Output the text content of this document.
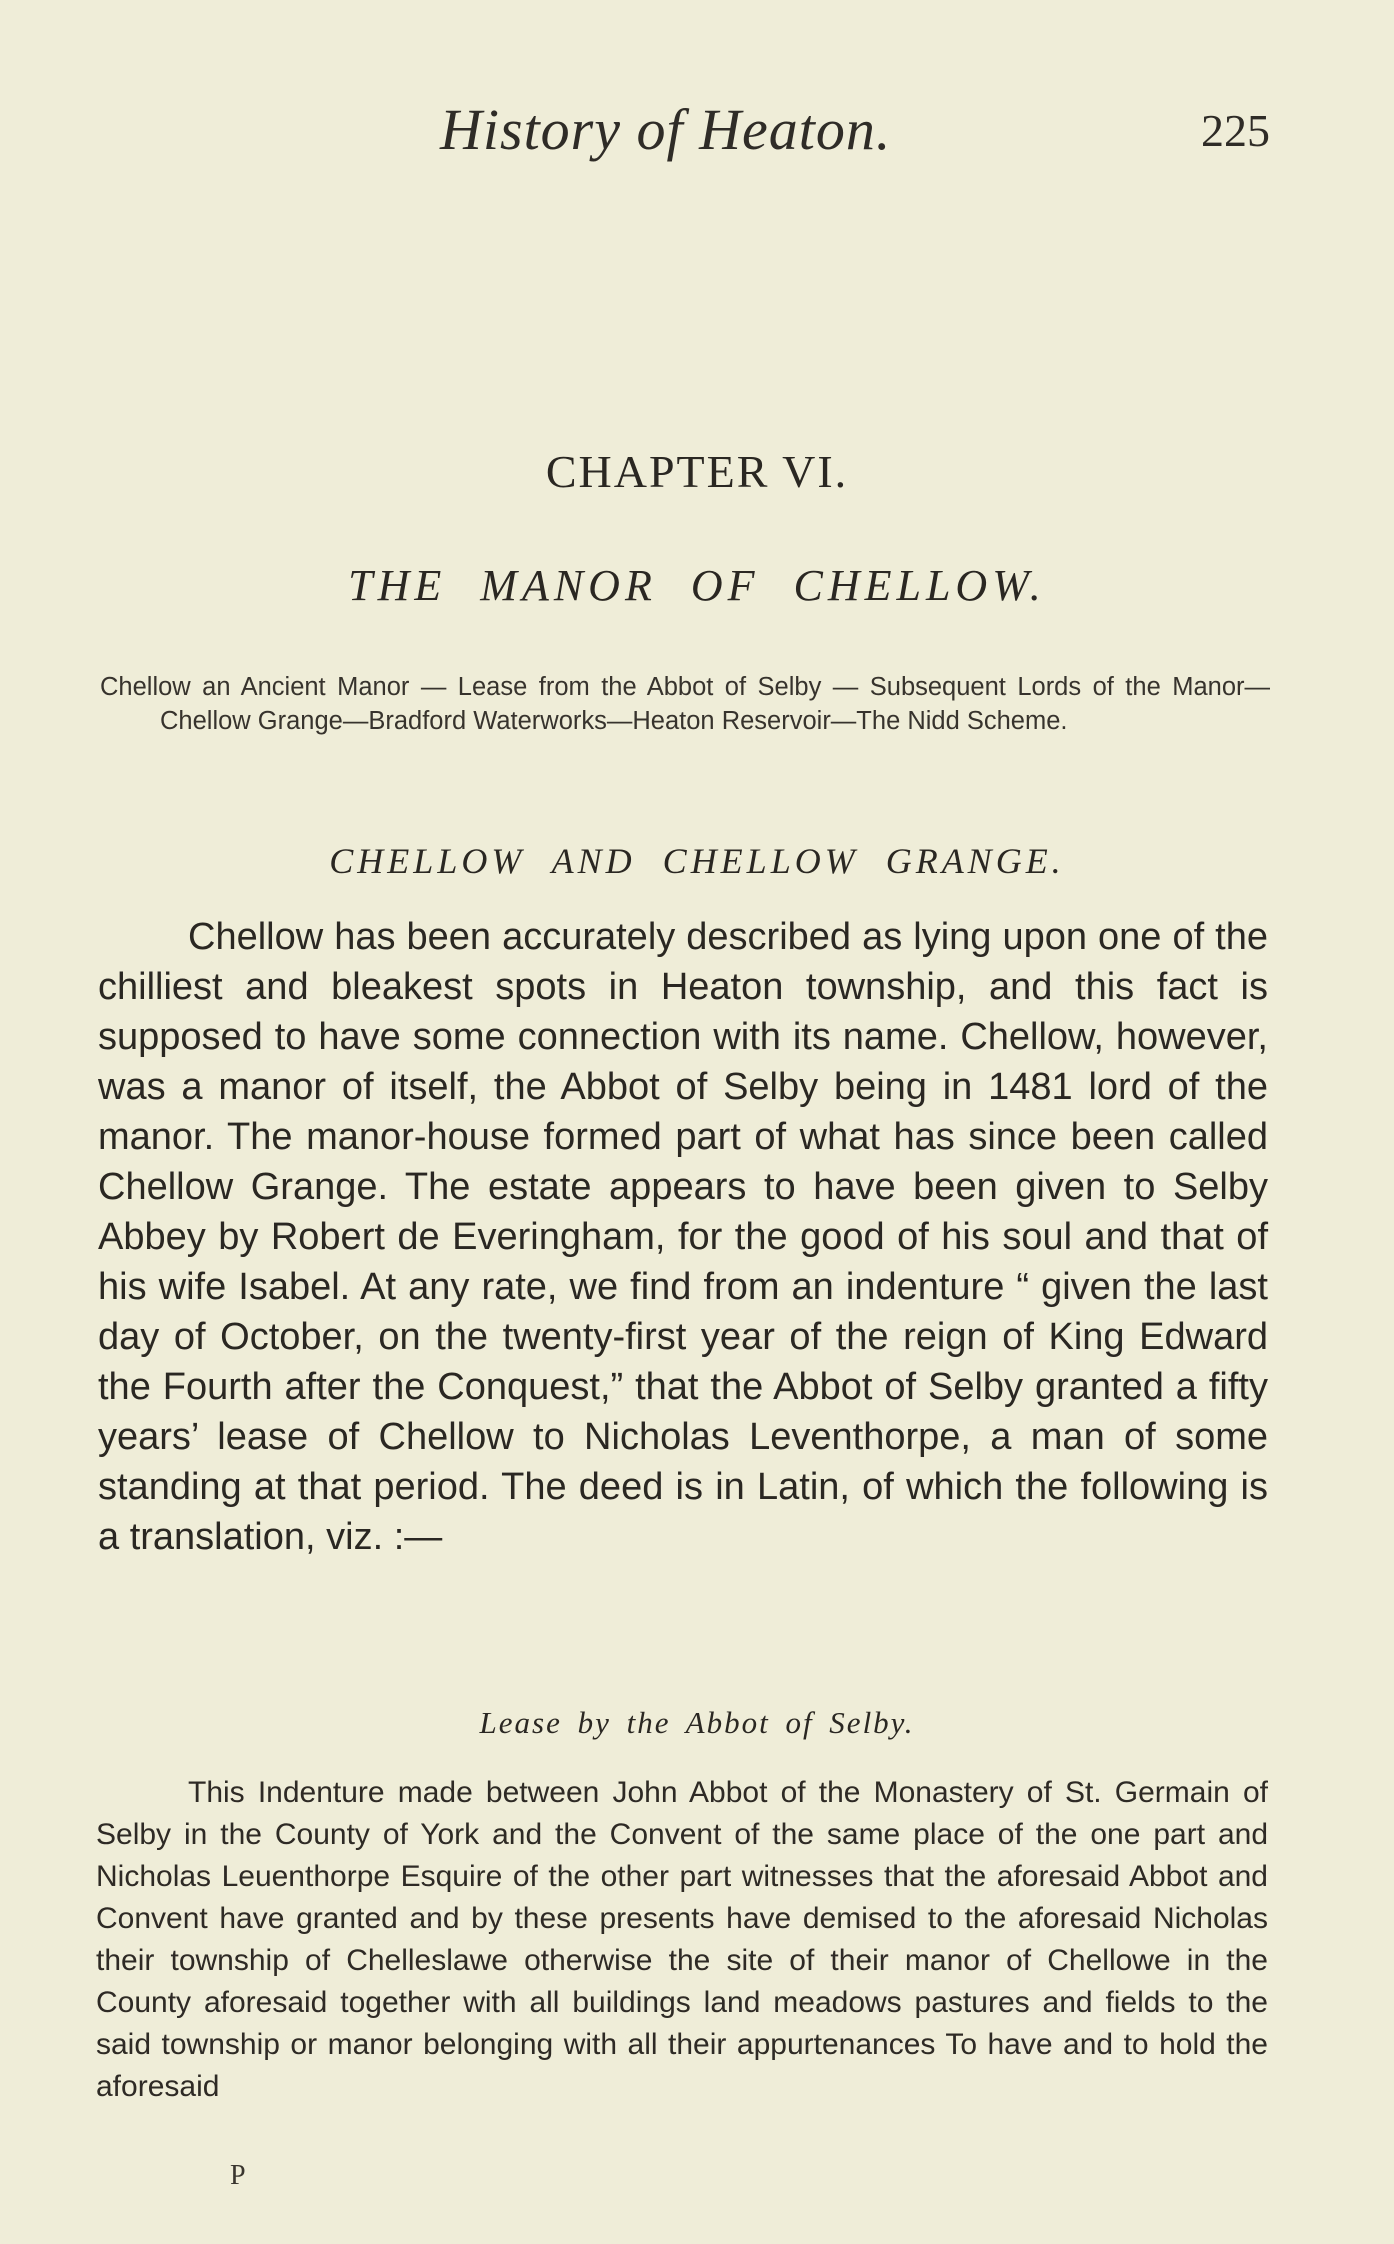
History of Heaton.	225
CHAPTER VI.
THE MANOR OF CHELLOW.
Chellow an Ancient Manor — Lease from the Abbot of Selby — Subsequent Lords of the Manor—Chellow Grange—Bradford Waterworks—Heaton Reservoir—The Nidd Scheme.
CHELLOW AND CHELLOW GRANGE.

Chellow has been accurately described as lying upon one of the chilliest and bleakest spots in Heaton township, and this fact is supposed to have some connection with its name. Chellow, however, was a manor of itself, the Abbot of Selby being in 1481 lord of the manor. The manor-house formed part of what has since been called Chellow Grange. The estate appears to have been given to Selby Abbey by Robert de Everingham, for the good of his soul and that of his wife Isabel. At any rate, we find from an indenture “ given the last day of October, on the twenty-first year of the reign of King Edward the Fourth after the Conquest,” that the Abbot of Selby granted a fifty years’ lease of Chellow to Nicholas Leventhorpe, a man of some standing at that period. The deed is in Latin, of which the following is a translation, viz. :—

Lease by the Abbot of Selby.

This Indenture made between John Abbot of the Monastery of St. Germain of Selby in the County of York and the Convent of the same place of the one part and Nicholas Leuenthorpe Esquire of the other part witnesses that the aforesaid Abbot and Convent have granted and by these presents have demised to the aforesaid Nicholas their township of Chelleslawe otherwise the site of their manor of Chellowe in the County aforesaid together with all buildings land meadows pastures and fields to the said township or manor belonging with all their appurtenances To have and to hold the aforesaid

P
